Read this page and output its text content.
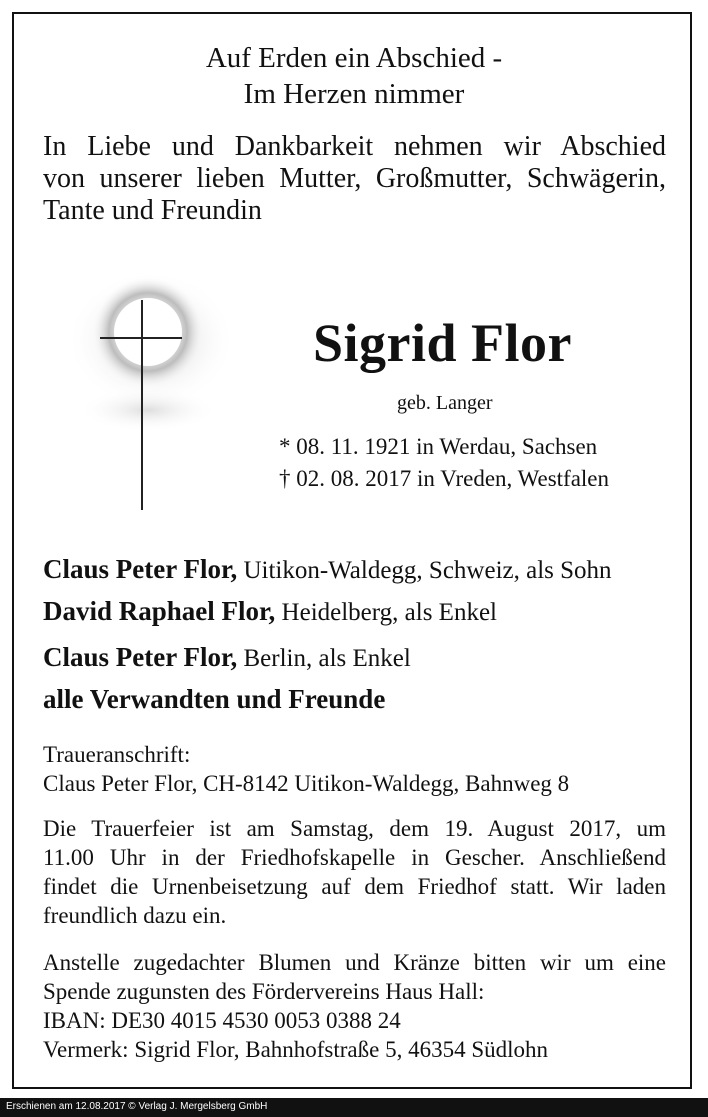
Auf Erden ein Abschied -
Im Herzen nimmer
In Liebe und Dankbarkeit nehmen wir Abschied
von unserer lieben Mutter, Großmutter, Schwägerin,
Tante und Freundin
Sigrid Flor
geb. Langer
* 08. 11. 1921 in Werdau, Sachsen
† 02. 08. 2017 in Vreden, Westfalen
Claus Peter Flor, Uitikon-Waldegg, Schweiz, als Sohn
David Raphael Flor, Heidelberg, als Enkel
Claus Peter Flor, Berlin, als Enkel
alle Verwandten und Freunde
Traueranschrift:
Claus Peter Flor, CH-8142 Uitikon-Waldegg, Bahnweg 8
Die Trauerfeier ist am Samstag, dem 19. August 2017, um
11.00 Uhr in der Friedhofskapelle in Gescher. Anschließend
findet die Urnenbeisetzung auf dem Friedhof statt. Wir laden
freundlich dazu ein.
Anstelle zugedachter Blumen und Kränze bitten wir um eine
Spende zugunsten des Fördervereins Haus Hall:
IBAN: DE30 4015 4530 0053 0388 24
Vermerk: Sigrid Flor, Bahnhofstraße 5, 46354 Südlohn
Erschienen am 12.08.2017 © Verlag J. Mergelsberg GmbH
